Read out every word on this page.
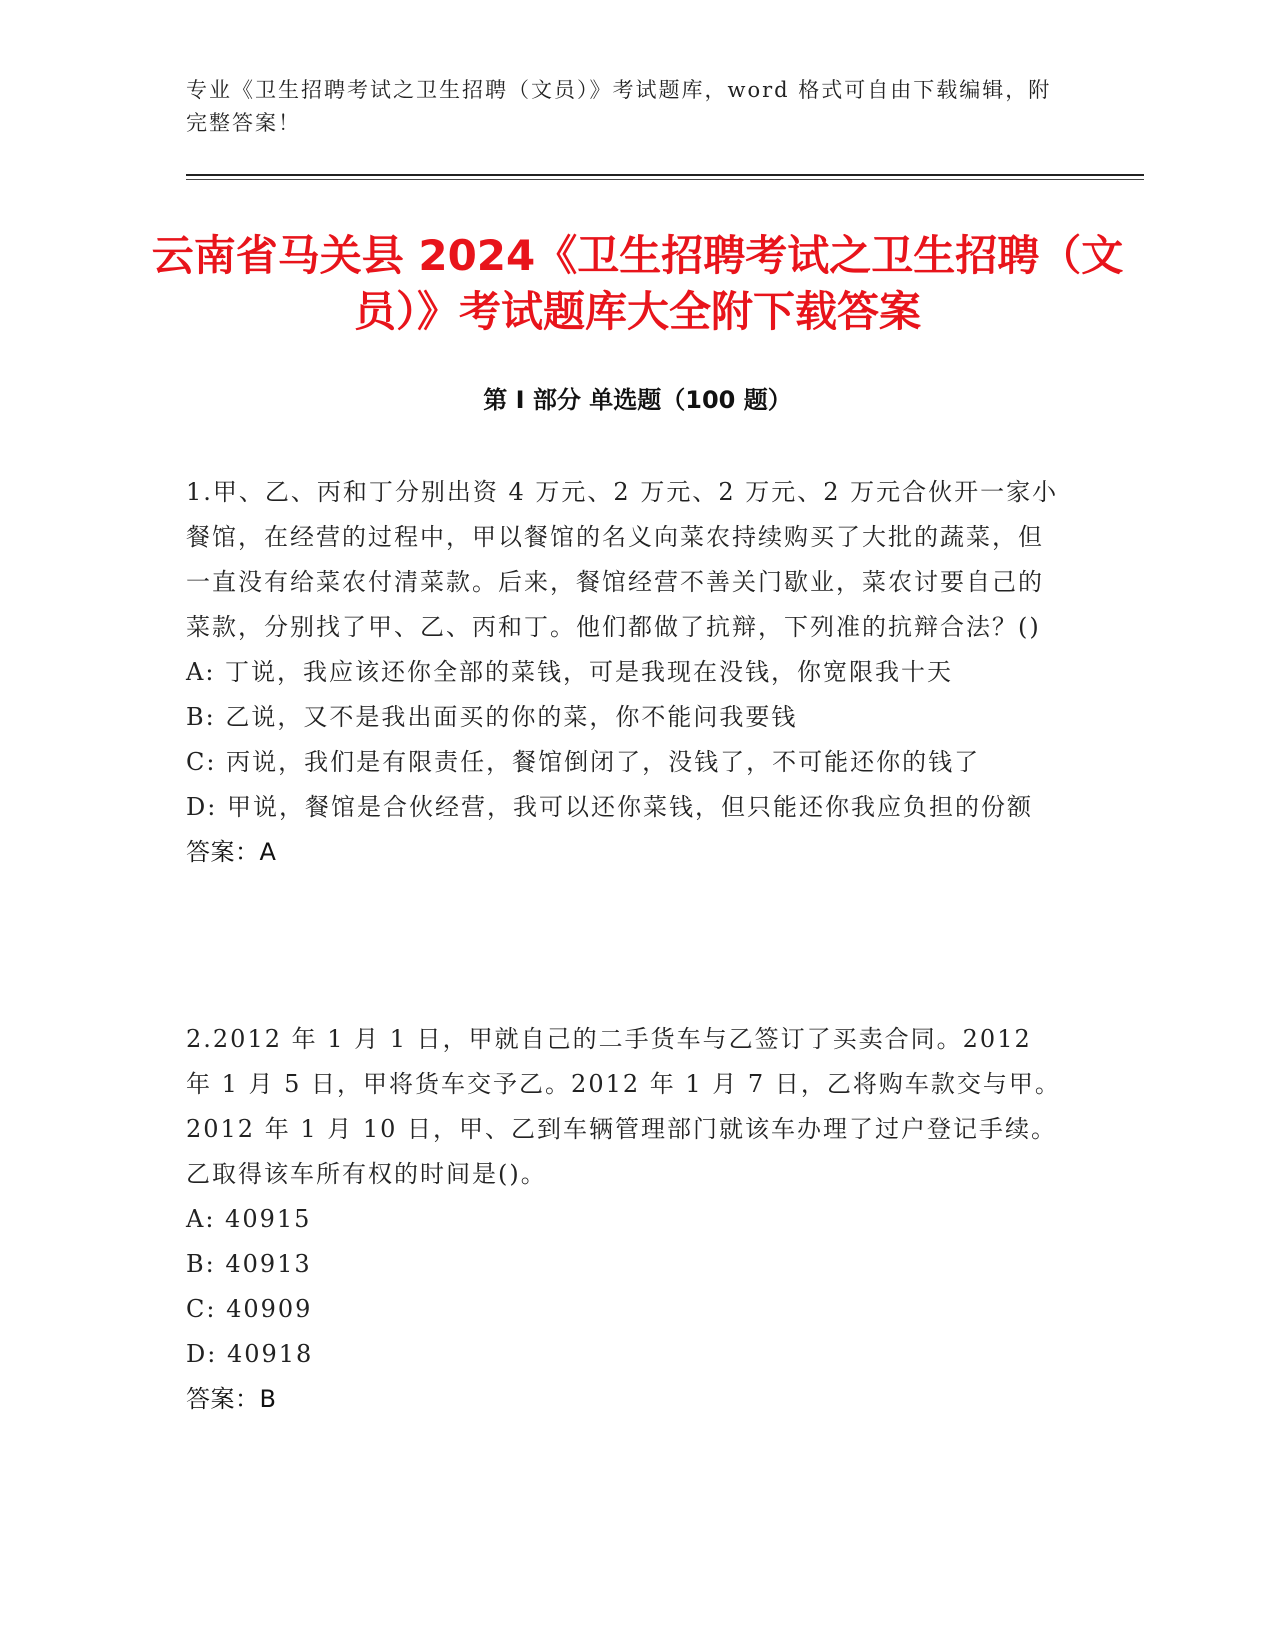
专业《卫生招聘考试之卫生招聘（文员）》考试题库，word 格式可自由下载编辑，附完整答案！
云南省马关县 2024《卫生招聘考试之卫生招聘（文员）》考试题库大全附下载答案
第 I 部分 单选题（100 题）

1.甲、乙、丙和丁分别出资 4 万元、2 万元、2 万元、2 万元合伙开一家小餐馆，在经营的过程中，甲以餐馆的名义向菜农持续购买了大批的蔬菜，但一直没有给菜农付清菜款。后来，餐馆经营不善关门歇业，菜农讨要自己的菜款，分别找了甲、乙、丙和丁。他们都做了抗辩，下列准的抗辩合法？()

A: 丁说，我应该还你全部的菜钱，可是我现在没钱，你宽限我十天

B: 乙说，又不是我出面买的你的菜，你不能问我要钱

C: 丙说，我们是有限责任，餐馆倒闭了，没钱了，不可能还你的钱了

D: 甲说，餐馆是合伙经营，我可以还你菜钱，但只能还你我应负担的份额

答案：A

2.2012 年 1 月 1 日，甲就自己的二手货车与乙签订了买卖合同。2012 年 1 月 5 日，甲将货车交予乙。2012 年 1 月 7 日，乙将购车款交与甲。2012 年 1 月 10 日，甲、乙到车辆管理部门就该车办理了过户登记手续。乙取得该车所有权的时间是()。

A: 40915

B: 40913

C: 40909

D: 40918

答案：B
